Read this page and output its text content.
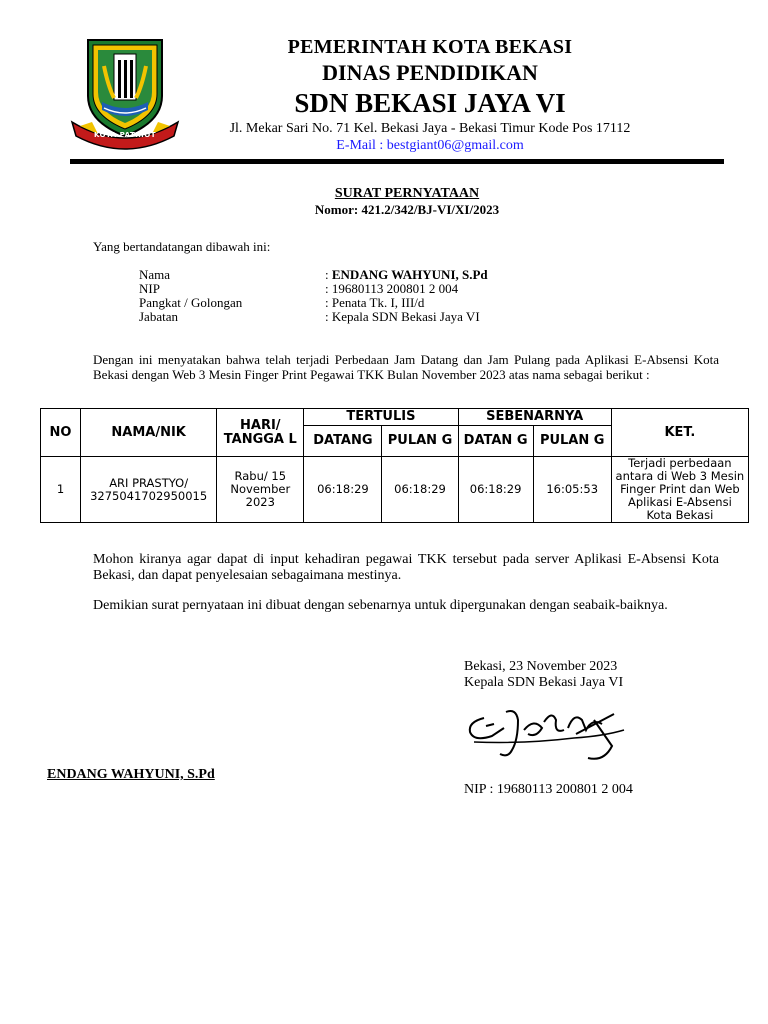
KOTA PATRIOT
PEMERINTAH KOTA BEKASI
DINAS PENDIDIKAN
SDN BEKASI JAYA VI
Jl. Mekar Sari No. 71 Kel. Bekasi Jaya - Bekasi Timur Kode Pos 17112
E-Mail : bestgiant06@gmail.com
SURAT PERNYATAAN
Nomor: 421.2/342/BJ-VI/XI/2023
Yang bertandatangan dibawah ini:
Nama	: ENDANG WAHYUNI, S.Pd
NIP	: 19680113 200801 2 004
Pangkat / Golongan	: Penata Tk. I, III/d
Jabatan	: Kepala SDN Bekasi Jaya VI
Dengan ini menyatakan bahwa telah terjadi Perbedaan Jam Datang dan Jam Pulang pada Aplikasi E-Absensi Kota Bekasi dengan Web 3 Mesin Finger Print Pegawai TKK Bulan November 2023 atas nama sebagai berikut :
NO	NAMA/NIK	HARI/ TANGGA L	TERTULIS		SEBENARNYA		KET.
			DATANG	PULAN G	DATAN G	PULAN G	
1	ARI PRASTYO/ 3275041702950015	Rabu/ 15 November 2023	06:18:29	06:18:29	06:18:29	16:05:53	Terjadi perbedaan antara di Web 3 Mesin Finger Print dan Web Aplikasi E-Absensi Kota Bekasi
Mohon kiranya agar dapat di input kehadiran pegawai TKK tersebut pada server Aplikasi E-Absensi Kota Bekasi, dan dapat penyelesaian sebagaimana mestinya.
Demikian surat pernyataan ini dibuat dengan sebenarnya untuk dipergunakan dengan seabaik-baiknya.
Bekasi, 23 November 2023
Kepala SDN Bekasi Jaya VI
ENDANG WAHYUNI, S.Pd
NIP : 19680113 200801 2 004
